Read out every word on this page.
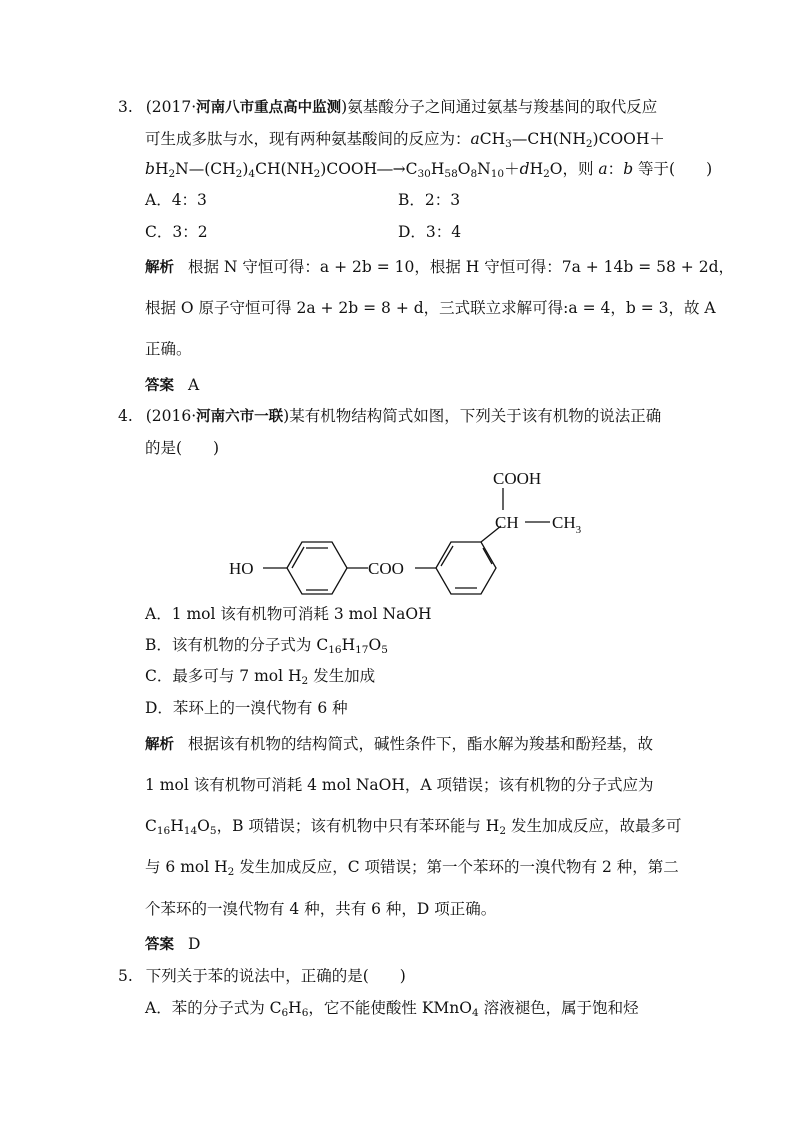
3. (2017·河南八市重点高中监测)氨基酸分子之间通过氨基与羧基间的取代反应
可生成多肽与水，现有两种氨基酸间的反应为：$aCH_3—CH(NH_2)COOH+$
$bH_2N—(CH_2)_4CH(NH_2)COOH―\to C_{30}H_{58}O_8N_{10}+dH_2O$，则 a：b 等于(　　)
A．4：3	B．2：3
C．3：2	D．3：4
解析 根据 N 守恒可得：a + 2b = 10，根据 H 守恒可得：7a + 14b = 58 + 2d，
根据 O 原子守恒可得 2a + 2b = 8 + d，三式联立求解可得:a = 4，b = 3，故 A
正确。
答案 A
4. (2016·河南六市一联)某有机物结构简式如图，下列关于该有机物的说法正确
的是(　　)
HO	COO
COOH
CH $CH_3$
A．1 mol 该有机物可消耗 3 mol NaOH
B．该有机物的分子式为 $C_{16}H_{17}O_5$
C．最多可与 7 mol $H_2$ 发生加成
D．苯环上的一溴代物有 6 种
解析 根据该有机物的结构简式，碱性条件下，酯水解为羧基和酚羟基，故
1 mol 该有机物可消耗 4 mol NaOH，A 项错误；该有机物的分子式应为
$C_{16}H_{14}O_5$，B 项错误；该有机物中只有苯环能与 $H_2$ 发生加成反应，故最多可
与 6 mol $H_2$ 发生加成反应，C 项错误；第一个苯环的一溴代物有 2 种，第二
个苯环的一溴代物有 4 种，共有 6 种，D 项正确。
答案 D
5. 下列关于苯的说法中，正确的是(　　)
A．苯的分子式为 $C_6H_6$，它不能使酸性 KMnO$_4$ 溶液褪色，属于饱和烃
